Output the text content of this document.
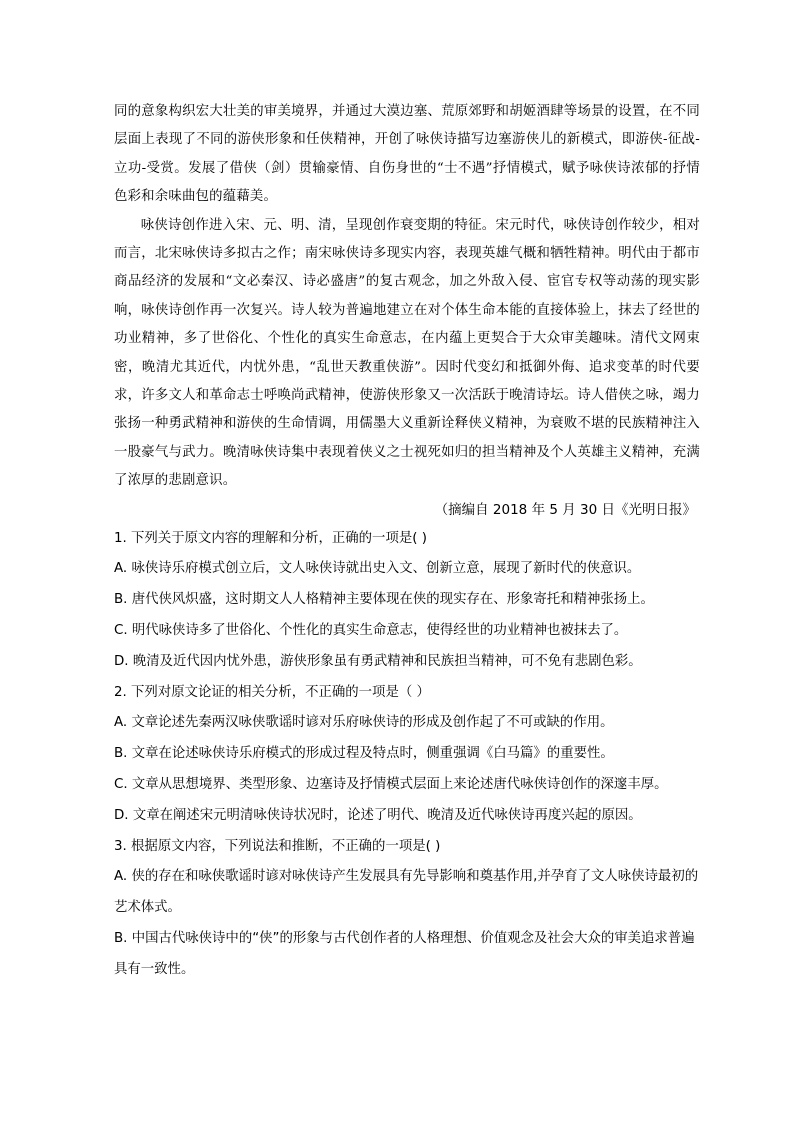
同的意象构织宏大壮美的审美境界，并通过大漠边塞、荒原郊野和胡姬酒肆等场景的设置，在不同层面上表现了不同的游侠形象和任侠精神，开创了咏侠诗描写边塞游侠儿的新模式，即游侠-征战-立功-受赏。发展了借侠（剑）贯输豪情、自伤身世的“士不遇”抒情模式，赋予咏侠诗浓郁的抒情色彩和余味曲包的蕴藉美。

咏侠诗创作进入宋、元、明、清，呈现创作衰变期的特征。宋元时代，咏侠诗创作较少，相对而言，北宋咏侠诗多拟古之作；南宋咏侠诗多现实内容，表现英雄气概和牺牲精神。明代由于都市商品经济的发展和“文必秦汉、诗必盛唐”的复古观念，加之外敌入侵、宦官专权等动荡的现实影响，咏侠诗创作再一次复兴。诗人较为普遍地建立在对个体生命本能的直接体验上，抹去了经世的功业精神，多了世俗化、个性化的真实生命意志，在内蕴上更契合于大众审美趣味。清代文网束密，晚清尤其近代，内忧外患，“乱世天教重侠游”。因时代变幻和抵御外侮、追求变革的时代要求，许多文人和革命志士呼唤尚武精神，使游侠形象又一次活跃于晚清诗坛。诗人借侠之咏，竭力张扬一种勇武精神和游侠的生命情调，用儒墨大义重新诠释侠义精神，为衰败不堪的民族精神注入一股豪气与武力。晚清咏侠诗集中表现着侠义之士视死如归的担当精神及个人英雄主义精神，充满了浓厚的悲剧意识。

（摘编自 2018 年 5 月 30 日《光明日报》
1. 下列关于原文内容的理解和分析，正确的一项是( )
A. 咏侠诗乐府模式创立后，文人咏侠诗就出史入文、创新立意，展现了新时代的侠意识。
B. 唐代侠风炽盛，这时期文人人格精神主要体现在侠的现实存在、形象寄托和精神张扬上。
C. 明代咏侠诗多了世俗化、个性化的真实生命意志，使得经世的功业精神也被抹去了。
D. 晚清及近代因内忧外患，游侠形象虽有勇武精神和民族担当精神，可不免有悲剧色彩。
2. 下列对原文论证的相关分析，不正确的一项是（ ）
A. 文章论述先秦两汉咏侠歌谣时谚对乐府咏侠诗的形成及创作起了不可或缺的作用。
B. 文章在论述咏侠诗乐府模式的形成过程及特点时，侧重强调《白马篇》的重要性。
C. 文章从思想境界、类型形象、边塞诗及抒情模式层面上来论述唐代咏侠诗创作的深邃丰厚。
D. 文章在阐述宋元明清咏侠诗状况时，论述了明代、晚清及近代咏侠诗再度兴起的原因。
3. 根据原文内容，下列说法和推断，不正确的一项是( )
A. 侠的存在和咏侠歌谣时谚对咏侠诗产生发展具有先导影响和奠基作用,并孕育了文人咏侠诗最初的艺术体式。
B. 中国古代咏侠诗中的“侠”的形象与古代创作者的人格理想、价值观念及社会大众的审美追求普遍具有一致性。
